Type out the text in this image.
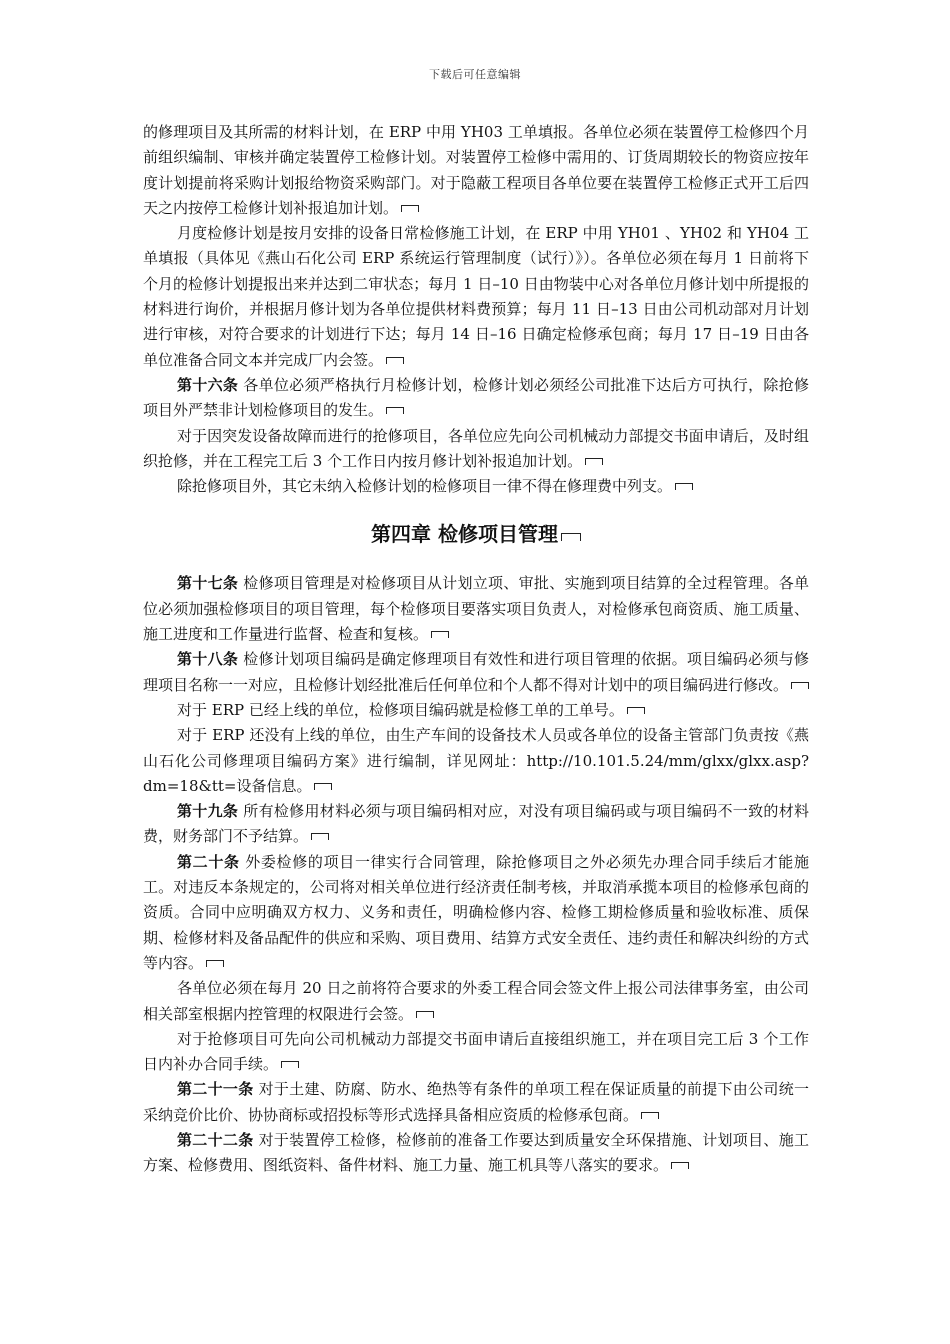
下载后可任意编辑

的修理项目及其所需的材料计划，在 ERP 中用 YH03 工单填报。各单位必须在装置停工检修四个月前组织编制、审核并确定装置停工检修计划。对装置停工检修中需用的、订货周期较长的物资应按年度计划提前将采购计划报给物资采购部门。对于隐蔽工程项目各单位要在装置停工检修正式开工后四天之内按停工检修计划补报追加计划。

月度检修计划是按月安排的设备日常检修施工计划，在 ERP 中用 YH01 、YH02 和 YH04 工单填报（具体见《燕山石化公司 ERP 系统运行管理制度（试行）》）。各单位必须在每月 1 日前将下个月的检修计划提报出来并达到二审状态；每月 1 日–10 日由物装中心对各单位月修计划中所提报的材料进行询价，并根据月修计划为各单位提供材料费预算；每月 11 日–13 日由公司机动部对月计划进行审核，对符合要求的计划进行下达；每月 14 日–16 日确定检修承包商；每月 17 日–19 日由各单位准备合同文本并完成厂内会签。

第十六条 各单位必须严格执行月检修计划，检修计划必须经公司批准下达后方可执行，除抢修项目外严禁非计划检修项目的发生。

对于因突发设备故障而进行的抢修项目，各单位应先向公司机械动力部提交书面申请后，及时组织抢修，并在工程完工后 3 个工作日内按月修计划补报追加计划。

除抢修项目外，其它未纳入检修计划的检修项目一律不得在修理费中列支。

第四章 检修项目管理

第十七条 检修项目管理是对检修项目从计划立项、审批、实施到项目结算的全过程管理。各单位必须加强检修项目的项目管理，每个检修项目要落实项目负责人，对检修承包商资质、施工质量、施工进度和工作量进行监督、检查和复核。

第十八条 检修计划项目编码是确定修理项目有效性和进行项目管理的依据。项目编码必须与修理项目名称一一对应，且检修计划经批准后任何单位和个人都不得对计划中的项目编码进行修改。

对于 ERP 已经上线的单位，检修项目编码就是检修工单的工单号。

对于 ERP 还没有上线的单位，由生产车间的设备技术人员或各单位的设备主管部门负责按《燕山石化公司修理项目编码方案》进行编制，详见网址：http://10.101.5.24/mm/glxx/glxx.asp?dm=18&tt=设备信息。

第十九条 所有检修用材料必须与项目编码相对应，对没有项目编码或与项目编码不一致的材料费，财务部门不予结算。

第二十条 外委检修的项目一律实行合同管理，除抢修项目之外必须先办理合同手续后才能施工。对违反本条规定的，公司将对相关单位进行经济责任制考核，并取消承揽本项目的检修承包商的资质。合同中应明确双方权力、义务和责任，明确检修内容、检修工期检修质量和验收标准、质保期、检修材料及备品配件的供应和采购、项目费用、结算方式安全责任、违约责任和解决纠纷的方式等内容。

各单位必须在每月 20 日之前将符合要求的外委工程合同会签文件上报公司法律事务室，由公司相关部室根据内控管理的权限进行会签。

对于抢修项目可先向公司机械动力部提交书面申请后直接组织施工，并在项目完工后 3 个工作日内补办合同手续。

第二十一条 对于土建、防腐、防水、绝热等有条件的单项工程在保证质量的前提下由公司统一采纳竞价比价、协协商标或招投标等形式选择具备相应资质的检修承包商。

第二十二条 对于装置停工检修，检修前的准备工作要达到质量安全环保措施、计划项目、施工方案、检修费用、图纸资料、备件材料、施工力量、施工机具等八落实的要求。
